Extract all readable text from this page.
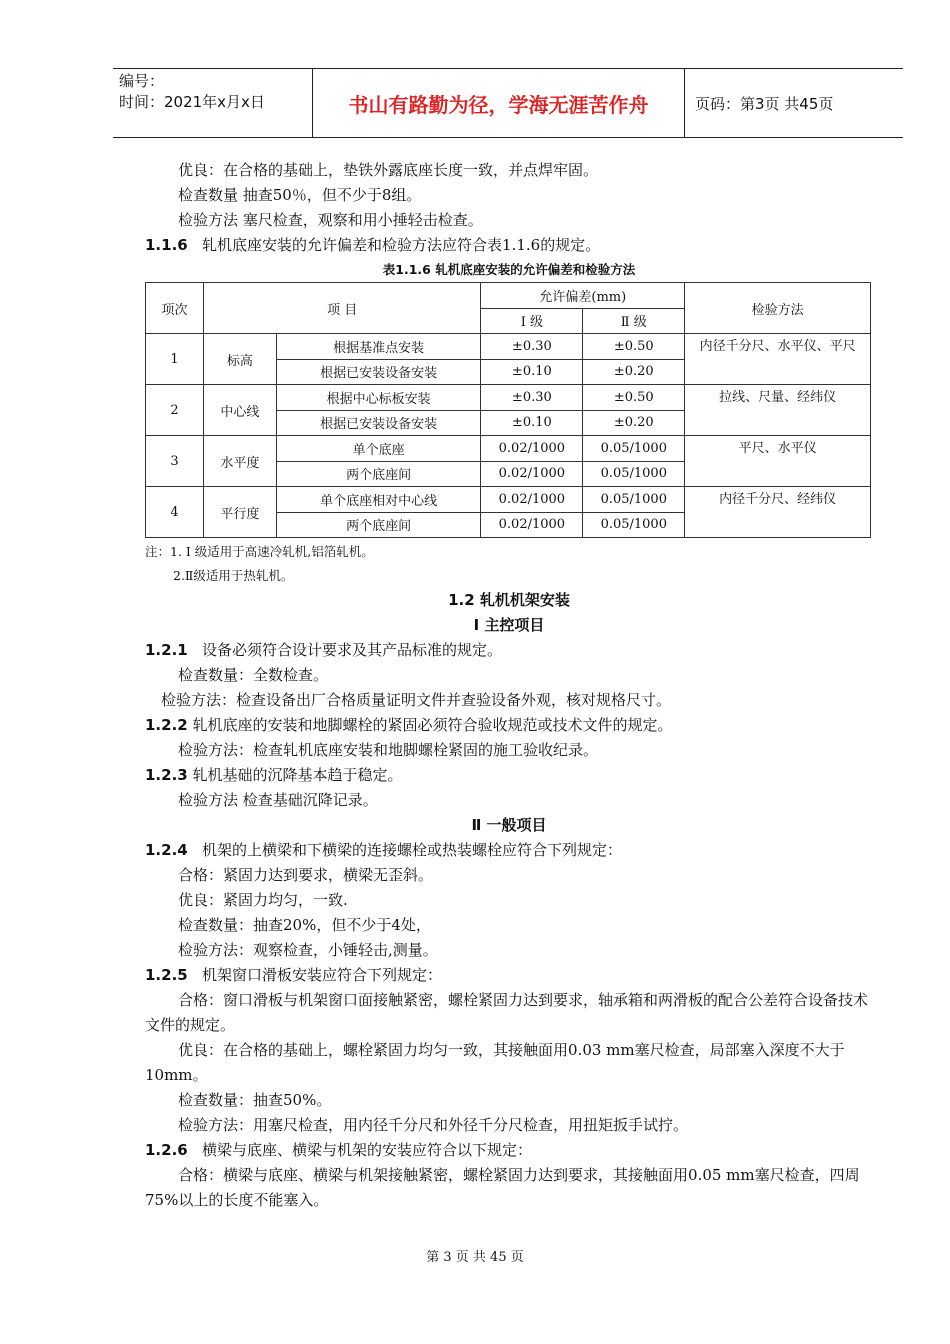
编号：
时间：2021年x月x日	书山有路勤为径，学海无涯苦作舟	页码：第3页 共45页
优良：在合格的基础上，垫铁外露底座长度一致，并点焊牢固。
检查数量 抽查50％，但不少于8组。
检验方法 塞尺检查，观察和用小捶轻击检查。
1.1.6 轧机底座安装的允许偏差和检验方法应符合表1.1.6的规定。
表1.1.6 轧机底座安装的允许偏差和检验方法
项次	项 目		允许偏差(mm)		检验方法
			Ⅰ 级	Ⅱ 级	
1	标高	根据基准点安装	±0.30	±0.50	内径千分尺、水平仪、平尺
		根据已安装设备安装	±0.10	±0.20	
2	中心线	根据中心标板安装	±0.30	±0.50	拉线、尺量、经纬仪
		根据已安装设备安装	±0.10	±0.20	
3	水平度	单个底座	0.02/1000	0.05/1000	平尺、水平仪
		两个底座间	0.02/1000	0.05/1000	
4	平行度	单个底座相对中心线	0.02/1000	0.05/1000	内径千分尺、经纬仪
		两个底座间	0.02/1000	0.05/1000	
注：1. Ⅰ 级适用于高速冷轧机,铝箔轧机。
2.Ⅱ级适用于热轧机。
1.2 轧机机架安装
Ⅰ 主控项目
1.2.1 设备必须符合设计要求及其产品标准的规定。
检查数量：全数检查。
检验方法：检查设备出厂合格质量证明文件并查验设备外观，核对规格尺寸。
1.2.2 轧机底座的安装和地脚螺栓的紧固必须符合验收规范或技术文件的规定。
检验方法：检查轧机底座安装和地脚螺栓紧固的施工验收纪录。
1.2.3 轧机基础的沉降基本趋于稳定。
检验方法 检查基础沉降记录。
Ⅱ 一般项目
1.2.4 机架的上横梁和下横梁的连接螺栓或热装螺栓应符合下列规定：
合格：紧固力达到要求，横梁无歪斜。
优良：紧固力均匀，一致.
检查数量：抽查20%，但不少于4处，
检验方法：观察检查，小锤轻击,测量。
1.2.5 机架窗口滑板安装应符合下列规定：
合格：窗口滑板与机架窗口面接触紧密，螺栓紧固力达到要求，轴承箱和两滑板的配合公差符合设备技术文件的规定。
优良：在合格的基础上，螺栓紧固力均匀一致，其接触面用0.03 mm塞尺检查，局部塞入深度不大于10mm。
检查数量：抽查50%。
检验方法：用塞尺检查，用内径千分尺和外径千分尺检查，用扭矩扳手试拧。
1.2.6 横梁与底座、横梁与机架的安装应符合以下规定：
合格：横梁与底座、横梁与机架接触紧密，螺栓紧固力达到要求，其接触面用0.05 mm塞尺检查，四周75%以上的长度不能塞入。
第 3 页 共 45 页
